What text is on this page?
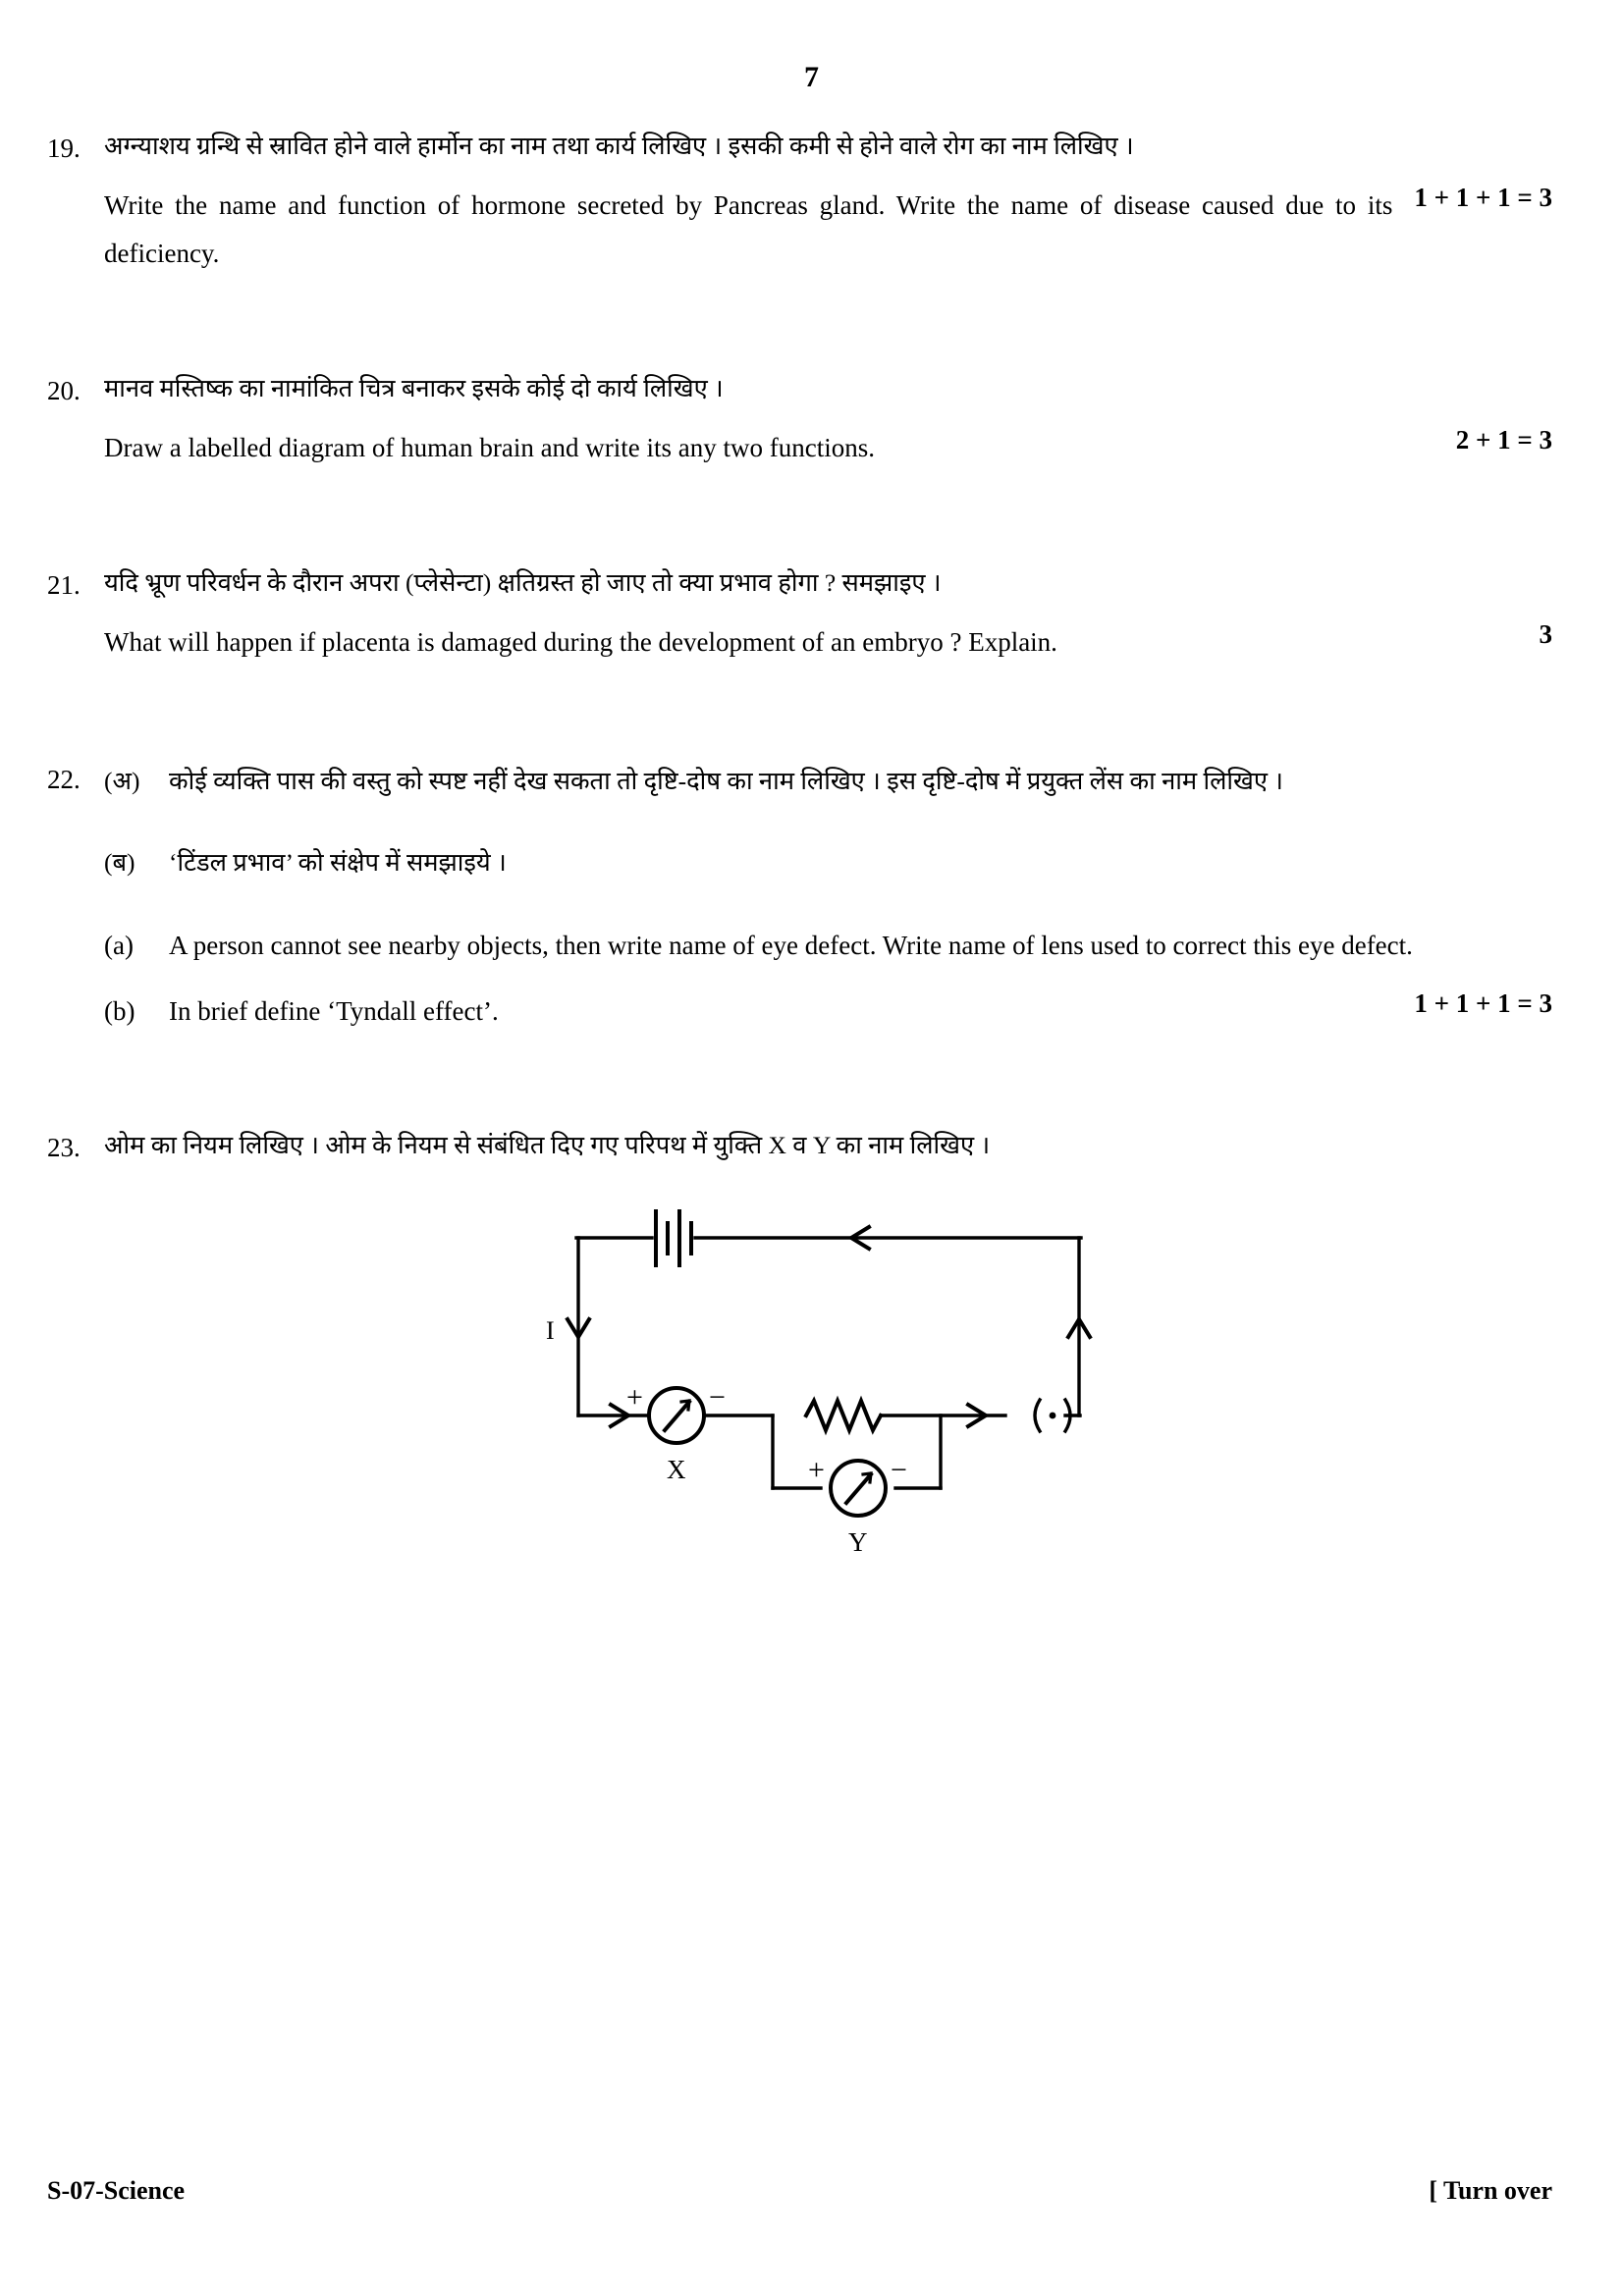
7
19. अग्न्याशय ग्रन्थि से स्रावित होने वाले हार्मोन का नाम तथा कार्य लिखिए । इसकी कमी से होने वाले रोग का नाम लिखिए ।
Write the name and function of hormone secreted by Pancreas gland. Write the name of disease caused due to its deficiency.
1 + 1 + 1 = 3
20. मानव मस्तिष्क का नामांकित चित्र बनाकर इसके कोई दो कार्य लिखिए ।
Draw a labelled diagram of human brain and write its any two functions.	2 + 1 = 3
21. यदि भ्रूण परिवर्धन के दौरान अपरा (प्लेसेन्टा) क्षतिग्रस्त हो जाए तो क्या प्रभाव होगा ? समझाइए ।
What will happen if placenta is damaged during the development of an embryo ? Explain.	3
22. (अ)	कोई व्यक्ति पास की वस्तु को स्पष्ट नहीं देख सकता तो दृष्टि-दोष का नाम लिखिए । इस दृष्टि-दोष में प्रयुक्त लेंस का नाम लिखिए ।
(ब)	‘टिंडल प्रभाव’ को संक्षेप में समझाइये ।
(a)	A person cannot see nearby objects, then write name of eye defect. Write name of lens used to correct this eye defect.
(b)	In brief define ‘Tyndall effect’.	1 + 1 + 1 = 3
23. ओम का नियम लिखिए । ओम के नियम से संबंधित दिए गए परिपथ में युक्ति X व Y का नाम लिखिए ।
I
+ −
X	+ −
Y
S-07-Science	[ Turn over
